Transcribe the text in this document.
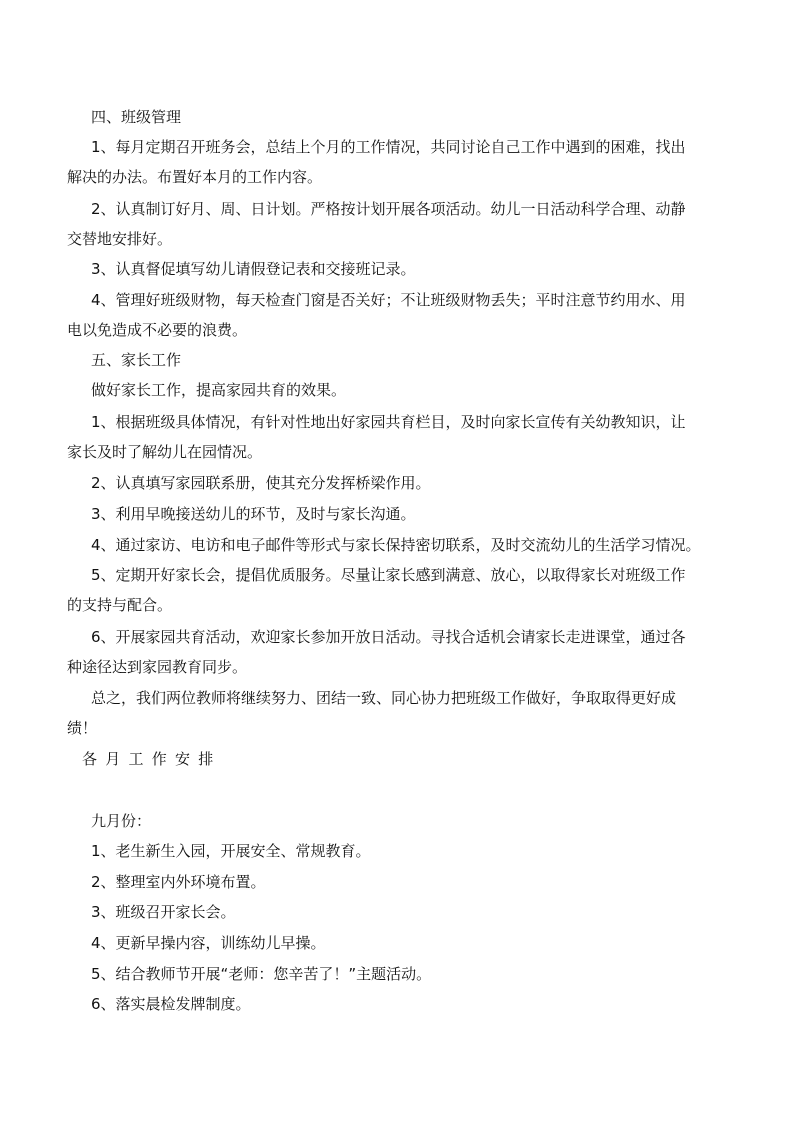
四、班级管理
1、每月定期召开班务会，总结上个月的工作情况，共同讨论自己工作中遇到的困难，找出
解决的办法。布置好本月的工作内容。
2、认真制订好月、周、日计划。严格按计划开展各项活动。幼儿一日活动科学合理、动静
交替地安排好。
3、认真督促填写幼儿请假登记表和交接班记录。
4、管理好班级财物，每天检查门窗是否关好；不让班级财物丢失；平时注意节约用水、用
电以免造成不必要的浪费。
五、家长工作
做好家长工作，提高家园共育的效果。
1、根据班级具体情况，有针对性地出好家园共育栏目，及时向家长宣传有关幼教知识，让
家长及时了解幼儿在园情况。
2、认真填写家园联系册，使其充分发挥桥梁作用。
3、利用早晚接送幼儿的环节，及时与家长沟通。
4、通过家访、电访和电子邮件等形式与家长保持密切联系，及时交流幼儿的生活学习情况。
5、定期开好家长会，提倡优质服务。尽量让家长感到满意、放心，以取得家长对班级工作
的支持与配合。
6、开展家园共育活动，欢迎家长参加开放日活动。寻找合适机会请家长走进课堂，通过各
种途径达到家园教育同步。
总之，我们两位教师将继续努力、团结一致、同心协力把班级工作做好，争取取得更好成
绩！
各月工作安排
九月份：
1、老生新生入园，开展安全、常规教育。
2、整理室内外环境布置。
3、班级召开家长会。
4、更新早操内容，训练幼儿早操。
5、结合教师节开展“老师：您辛苦了！”主题活动。
6、落实晨检发牌制度。
